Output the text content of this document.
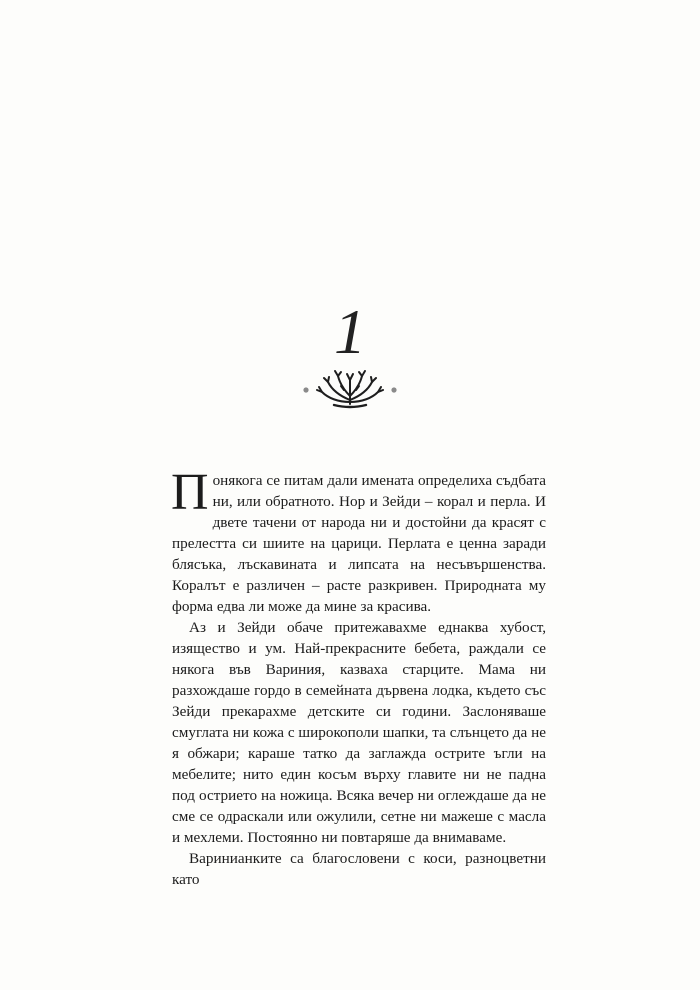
1

Понякога се питам дали имената определиха съдбата ни, или обратното. Нор и Зейди – корал и перла. И двете тачени от народа ни и достойни да красят с прелестта си шиите на царици. Перлата е ценна заради блясъка, лъскавината и липсата на несъвършенства. Коралът е различен – расте разкривен. Природната му форма едва ли може да мине за красива.

Аз и Зейди обаче притежавахме еднаква хубост, изящество и ум. Най-прекрасните бебета, раждали се някога във Вариния, казваха старците. Мама ни разхождаше гордо в семейната дървена лодка, където със Зейди прекарахме детските си години. Заслоняваше смуглата ни кожа с широкополи шапки, та слънцето да не я обжари; караше татко да заглажда острите ъгли на мебелите; нито един косъм върху главите ни не падна под острието на ножица. Всяка вечер ни оглеждаше да не сме се одраскали или ожулили, сетне ни мажеше с масла и мехлеми. Постоянно ни повтаряше да внимаваме.

Варинианките са благословени с коси, разноцветни като
